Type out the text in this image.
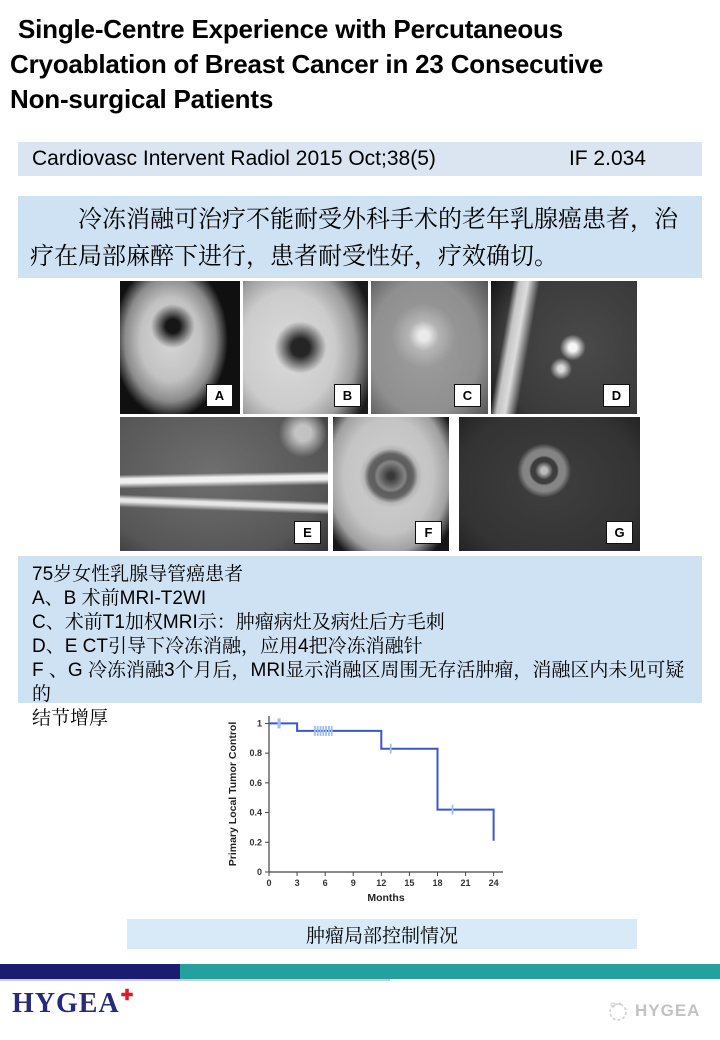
Single-Centre Experience with Percutaneous
Cryoablation of Breast Cancer in 23 Consecutive
Non-surgical Patients
Cardiovasc Intervent Radiol 2015 Oct;38(5)	IF 2.034
　　冷冻消融可治疗不能耐受外科手术的老年乳腺癌患者，治
疗在局部麻醉下进行，患者耐受性好，疗效确切。
A	B	C	D
E	F	G
75岁女性乳腺导管癌患者
A、B 术前MRI-T2WI
C、术前T1加权MRI示：肿瘤病灶及病灶后方毛刺
D、E CT引导下冷冻消融，应用4把冷冻消融针
F 、G 冷冻消融3个月后，MRI显示消融区周围无存活肿瘤，消融区内未见可疑的
结节增厚
0	3	6	9 12 15 18 21 24
0
0.2
0.4
0.6
0.8
1
Months
Primary Local Tumor Control
肿瘤局部控制情况
HYGEA✚
HYGEA
